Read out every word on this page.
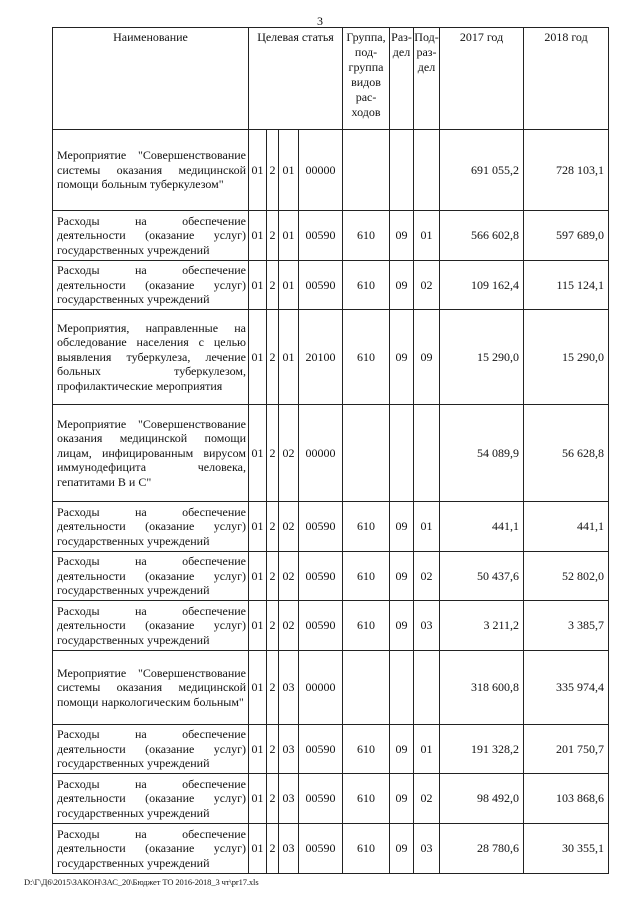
3
Наименование	Целевая статья				Группа, под-группа видов рас-ходов	Раз-дел	Под-раз-дел	2017 год	2018 год
Мероприятие "Совершенствование системы оказания медицинской помощи больным туберкулезом"	01	2	01	00000				691 055,2	728 103,1
Расходы на обеспечение деятельности (оказание услуг) государственных учреждений	01	2	01	00590	610	09	01	566 602,8	597 689,0
Расходы на обеспечение деятельности (оказание услуг) государственных учреждений	01	2	01	00590	610	09	02	109 162,4	115 124,1
Мероприятия, направленные на обследование населения с целью выявления туберкулеза, лечение больных туберкулезом, профилактические мероприятия	01	2	01	20100	610	09	09	15 290,0	15 290,0
Мероприятие "Совершенствование оказания медицинской помощи лицам, инфицированным вирусом иммунодефицита человека, гепатитами В и С"	01	2	02	00000				54 089,9	56 628,8
Расходы на обеспечение деятельности (оказание услуг) государственных учреждений	01	2	02	00590	610	09	01	441,1	441,1
Расходы на обеспечение деятельности (оказание услуг) государственных учреждений	01	2	02	00590	610	09	02	50 437,6	52 802,0
Расходы на обеспечение деятельности (оказание услуг) государственных учреждений	01	2	02	00590	610	09	03	3 211,2	3 385,7
Мероприятие "Совершенствование системы оказания медицинской помощи наркологическим больным"	01	2	03	00000				318 600,8	335 974,4
Расходы на обеспечение деятельности (оказание услуг) государственных учреждений	01	2	03	00590	610	09	01	191 328,2	201 750,7
Расходы на обеспечение деятельности (оказание услуг) государственных учреждений	01	2	03	00590	610	09	02	98 492,0	103 868,6
Расходы на обеспечение деятельности (оказание услуг) государственных учреждений	01	2	03	00590	610	09	03	28 780,6	30 355,1
D:\Г\Д6\2015\ЗАКОН\ЗАС_20\Бюджет ТО 2016-2018_3 чт\pr17.xls
